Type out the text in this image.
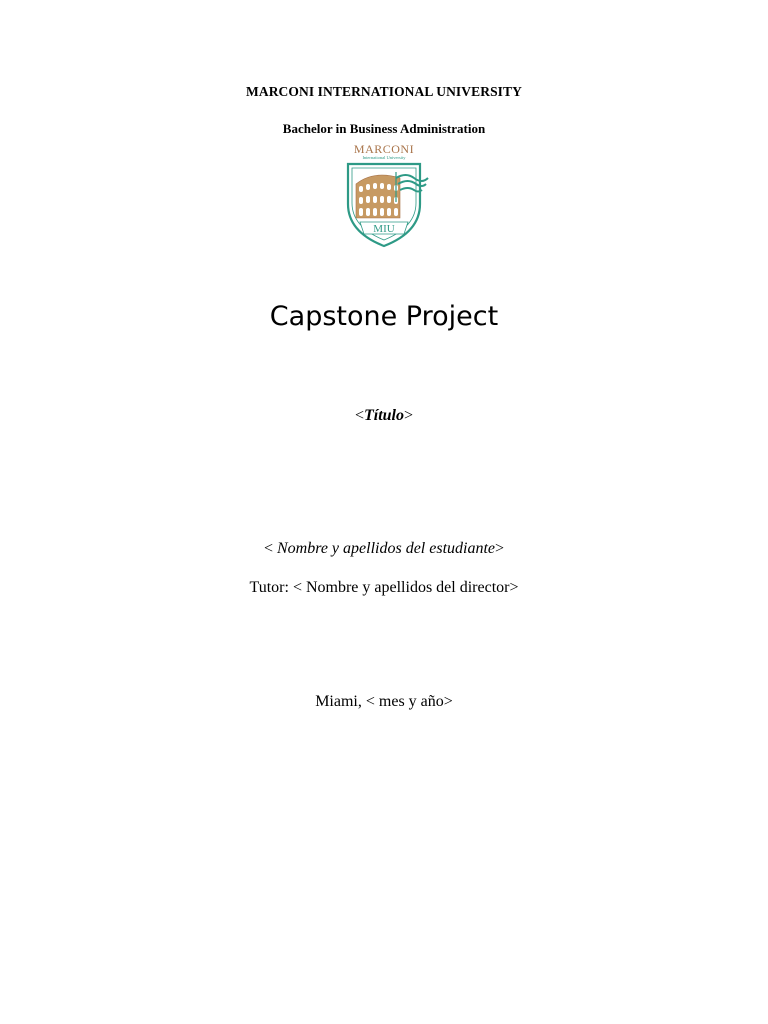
MARCONI INTERNATIONAL UNIVERSITY
Bachelor in Business Administration
MARCONI
International University
MIU
Capstone Project
<Título>
< Nombre y apellidos del estudiante>
Tutor: < Nombre y apellidos del director>
Miami, < mes y año>
